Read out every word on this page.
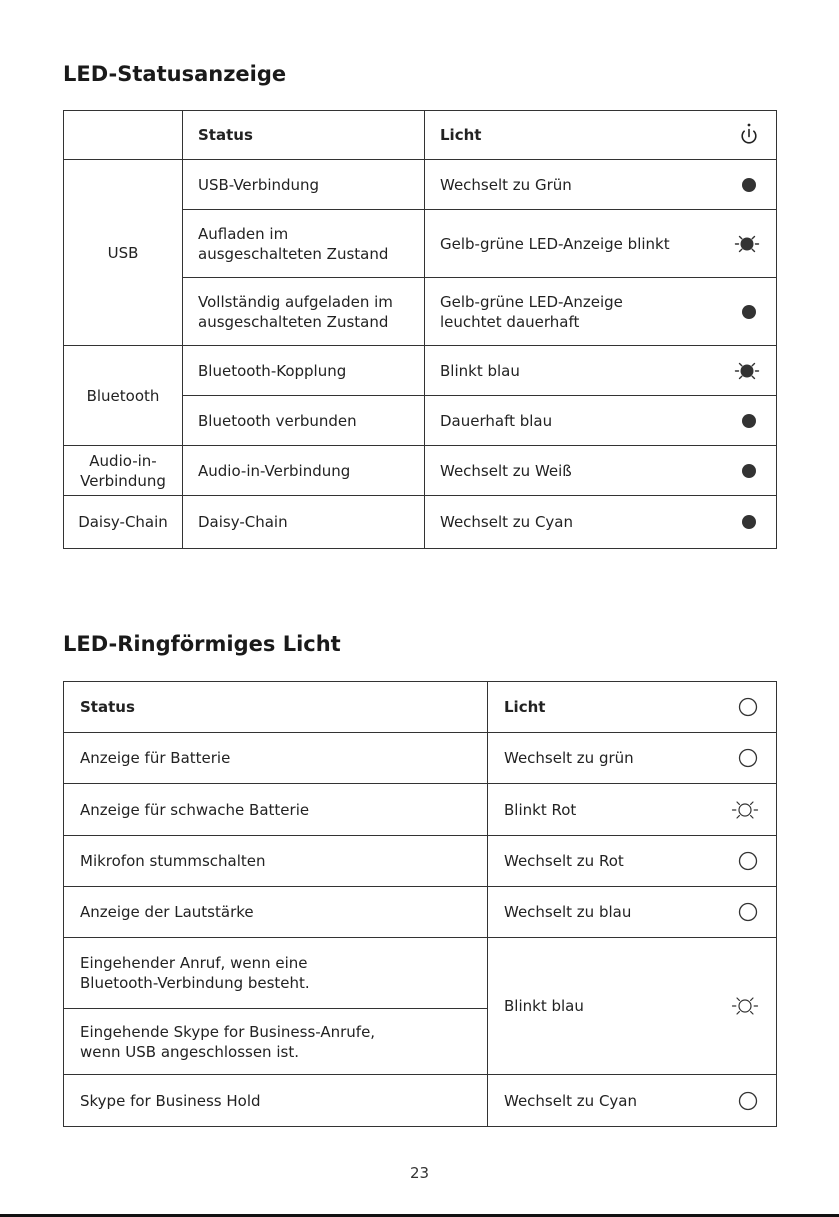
LED-Statusanzeige
	Status	Licht

USB	USB-Verbindung	Wechselt zu Grün

	Aufladen im ausgeschalteten Zustand	Gelb-grüne LED-Anzeige blinkt

	Vollständig aufgeladen im ausgeschalteten Zustand	Gelb-grüne LED-Anzeige leuchtet dauerhaft

Bluetooth	Bluetooth-Kopplung	Blinkt blau

	Bluetooth verbunden	Dauerhaft blau

Audio-in-Verbindung	Audio-in-Verbindung	Wechselt zu Weiß

Daisy-Chain	Daisy-Chain	Wechselt zu Cyan
LED-Ringförmiges Licht
Status	Licht

Anzeige für Batterie	Wechselt zu grün

Anzeige für schwache Batterie	Blinkt Rot

Mikrofon stummschalten	Wechselt zu Rot

Anzeige der Lautstärke	Wechselt zu blau

Eingehender Anruf, wenn eine Bluetooth-Verbindung besteht.	Blinkt blau

Eingehende Skype for Business-Anrufe, wenn USB angeschlossen ist.	

Skype for Business Hold	Wechselt zu Cyan
23
